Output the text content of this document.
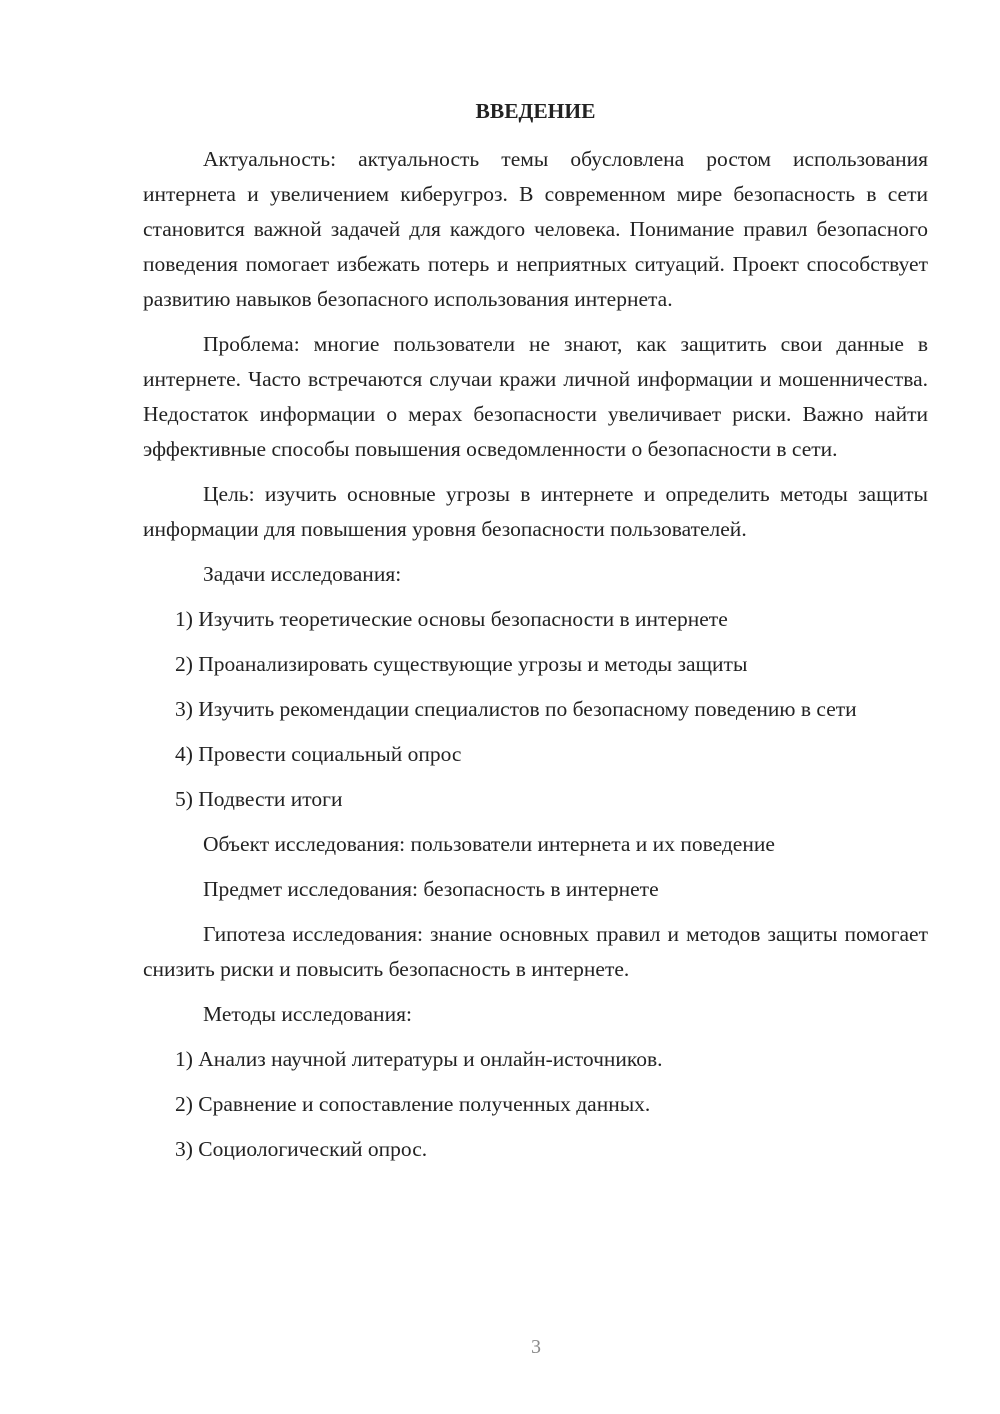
ВВЕДЕНИЕ

Актуальность: актуальность темы обусловлена ростом использования интернета и увеличением киберугроз. В современном мире безопасность в сети становится важной задачей для каждого человека. Понимание правил безопасного поведения помогает избежать потерь и неприятных ситуаций. Проект способствует развитию навыков безопасного использования интернета.

Проблема: многие пользователи не знают, как защитить свои данные в интернете. Часто встречаются случаи кражи личной информации и мошенничества. Недостаток информации о мерах безопасности увеличивает риски. Важно найти эффективные способы повышения осведомленности о безопасности в сети.

Цель: изучить основные угрозы в интернете и определить методы защиты информации для повышения уровня безопасности пользователей.

Задачи исследования:

1) Изучить теоретические основы безопасности в интернете

2) Проанализировать существующие угрозы и методы защиты

3) Изучить рекомендации специалистов по безопасному поведению в сети

4) Провести социальный опрос

5) Подвести итоги

Объект исследования: пользователи интернета и их поведение

Предмет исследования: безопасность в интернете

Гипотеза исследования: знание основных правил и методов защиты помогает снизить риски и повысить безопасность в интернете.

Методы исследования:

1) Анализ научной литературы и онлайн-источников.

2) Сравнение и сопоставление полученных данных.

3) Социологический опрос.

3
